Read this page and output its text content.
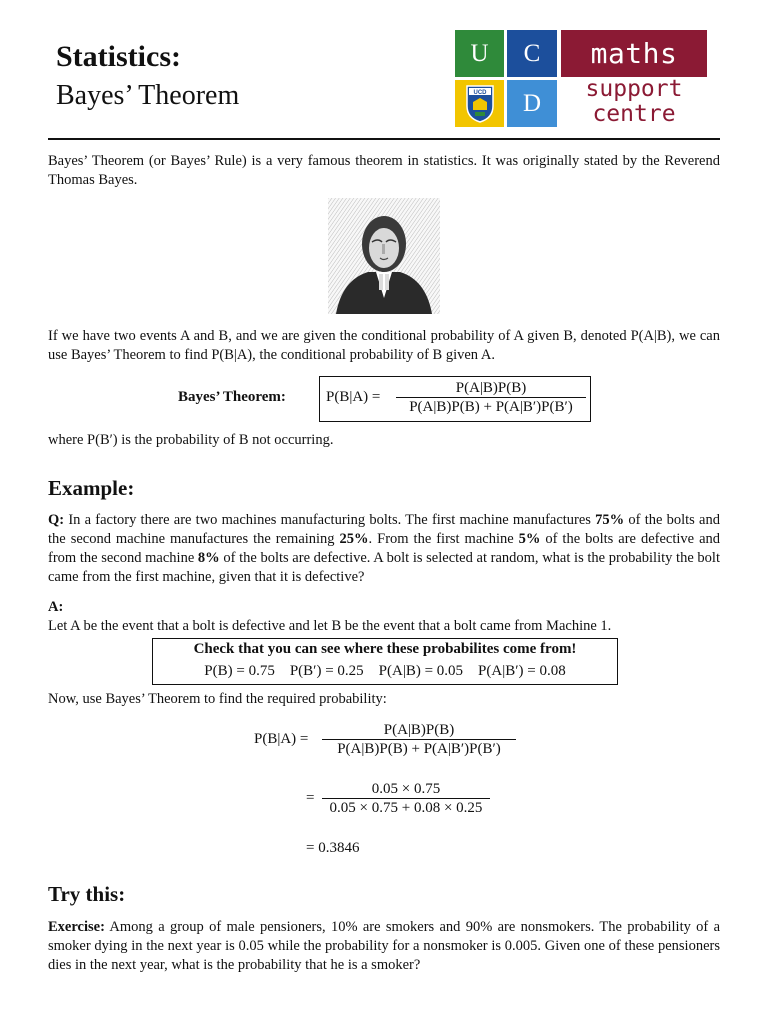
Statistics:
Bayes’ Theorem
U	C
UCD	D
maths
support
centre
Bayes’ Theorem (or Bayes’ Rule) is a very famous theorem in statistics. It was originally stated by the Reverend Thomas Bayes.
If we have two events A and B, and we are given the conditional probability of A given B, denoted P(A|B), we can use Bayes’ Theorem to find P(B|A), the conditional probability of B given A.
Bayes’ Theorem:	P(B|A) =
P(A|B)P(B)
P(A|B)P(B) + P(A|B′)P(B′)
where P(B′) is the probability of B not occurring.
Example:
Q: In a factory there are two machines manufacturing bolts. The first machine manufactures 75% of the bolts and the second machine manufactures the remaining 25%. From the first machine 5% of the bolts are defective and from the second machine 8% of the bolts are defective. A bolt is selected at random, what is the probability the bolt came from the first machine, given that it is defective?
A:
Let A be the event that a bolt is defective and let B be the event that a bolt came from Machine 1.
Check that you can see where these probabilites come from!
P(B) = 0.75    P(B′) = 0.25    P(A|B) = 0.05    P(A|B′) = 0.08
Now, use Bayes’ Theorem to find the required probability:
P(B|A) =
P(A|B)P(B)
P(A|B)P(B) + P(A|B′)P(B′)
=
0.05 × 0.75
0.05 × 0.75 + 0.08 × 0.25
= 0.3846
Try this:
Exercise: Among a group of male pensioners, 10% are smokers and 90% are nonsmokers. The probability of a smoker dying in the next year is 0.05 while the probability for a nonsmoker is 0.005. Given one of these pensioners dies in the next year, what is the probability that he is a smoker?
